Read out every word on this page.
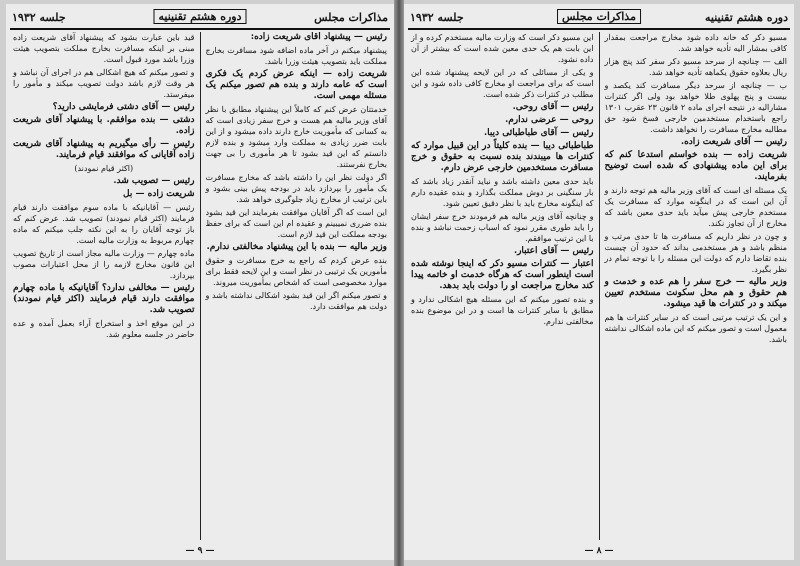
مذاکرات مجلس
دوره هشتم تقنینیه
جلسه ۱۹۳۲

رئیس — پیشنهاد آقای شریعت زاده:

پیشنهاد میکنم در آخر ماده اضافه شود مسافرت بخارج مملکت باید بتصویب هیئت وزرا باشد.

شریعت زاده — اینکه عرض کردم یک فکری است که عامه دارند و بنده هم تصور میکنم یک مسئله مهمی است.

خدمتتان عرض کنم که کاملاً این پیشنهاد مطابق با نظر آقای وزیر مالیه هم هست و خرج سفر زیادی است که به کسانی که مأموریت خارج دارند داده میشود و از این بابت ضرر زیادی به مملکت وارد میشود و بنده لازم دانستم که این قید بشود تا هر مأموری را بی جهت بخارج نفرستند.

اگر دولت نظر این را داشته باشد که مخارج مسافرت یک مأمور را بپردازد باید در بودجه پیش بینی بشود و باین ترتیب از مخارج زیاد جلوگیری خواهد شد.

این است که اگر آقایان موافقت بفرمایند این قید بشود بنده ضرری نمیبینم و عقیده ام این است که برای حفظ بودجه مملکت این قید لازم است.

وزیر مالیه — بنده با این پیشنهاد مخالفتی ندارم.

بنده عرض کردم که راجع به خرج مسافرت و حقوق مأمورین یک ترتیبی در نظر است و این لایحه فقط برای موارد مخصوصی است که اشخاص بمأموریت میروند.

و تصور میکنم اگر این قید بشود اشکالی نداشته باشد و دولت هم موافقت دارد.

قید باین عبارت بشود که پیشنهاد آقای شریعت زاده مبنی بر اینکه مسافرت بخارج مملکت بتصویب هیئت وزرا باشد مورد قبول است.

و تصور میکنم که هیچ اشکالی هم در اجرای آن نباشد و هر وقت لازم باشد دولت تصویب میکند و مأمور را میفرستد.

رئیس — آقای دشتی فرمایشی دارید؟

دشتی — بنده موافقم. با پیشنهاد آقای شریعت زاده.

رئیس — رأی میگیریم به پیشنهاد آقای شریعت زاده آقایانی که موافقند قیام فرمایند.

(اکثر قیام نمودند)

رئیس — تصویب شد.

شریعت زاده — بل

رئیس — آقایانیکه با ماده سوم موافقت دارند قیام فرمایند (اکثر قیام نمودند) تصویب شد. عرض کنم که باز توجه آقایان را به این نکته جلب میکنم که ماده چهارم مربوط به وزارت مالیه است.

ماده چهارم — وزارت مالیه مجاز است از تاریخ تصویب این قانون مخارج لازمه را از محل اعتبارات مصوب بپردازد.

رئیس — مخالفی ندارد؟ آقایانیکه با ماده چهارم موافقت دارند قیام فرمایند (اکثر قیام نمودند) تصویب شد.

در این موقع اخذ و استخراج آراء بعمل آمده و عده حاضر در جلسه معلوم شد.

— ۹ —
دوره هشتم تقنینیه
مذاکرات مجلس
جلسه ۱۹۳۲

مسیو دکر که خانه داده شود مخارج مراجعت بمقدار کافی بمشار الیه تأدیه خواهد شد.

الف — چنانچه از سرحد مسیو دکر سفر کند پنج هزار ریال بعلاوه حقوق یکماهه تأدیه خواهد شد.

ب — چنانچه از سرحد دیگر مسافرت کند یکصد و بیست و پنج پهلوی طلا خواهد بود ولی اگر کنترات مشارالیه در نتیجه اجرای ماده ۲ قانون ۲۳ عقرب ۱۳۰۱ راجع باستخدام مستخدمین خارجی فسخ شود حق مطالبه مخارج مسافرت را نخواهد داشت.

رئیس — آقای شریعت زاده.

شریعت زاده — بنده خواستم استدعا کنم که برای این ماده پیشنهادی که شده است توضیح بفرمایند.

یک مسئله ای است که آقای وزیر مالیه هم توجه دارند و آن این است که در اینگونه موارد که مسافرت یک مستخدم خارجی پیش میآید باید حدی معین باشد که مخارج از آن تجاوز نکند.

و چون در نظر داریم که مسافرت ها تا حدی مرتب و منظم باشد و هر مستخدمی بداند که حدود آن چیست بنده تقاضا دارم که دولت این مسئله را با توجه تمام در نظر بگیرد.

وزیر مالیه — خرج سفر را هم عده و خدمت و هم حقوق و هم محل سکونت مستخدم تعیین میکند و در کنترات ها قید میشود.

و این یک ترتیب مرتبی است که در سایر کنترات ها هم معمول است و تصور میکنم که این ماده اشکالی نداشته باشد.

این مسیو دکر است که وزارت مالیه مستخدم کرده و از این بابت هم یک حدی معین شده است که بیشتر از آن داده نشود.

و یکی از مسائلی که در این لایحه پیشنهاد شده این است که برای مراجعت او مخارج کافی داده شود و این مطلب در کنترات ذکر شده است.

رئیس — آقای روحی.

روحی — عرضی ندارم.

رئیس — آقای طباطبائی دیبا.

طباطبائی دیبا — بنده کلیتاً در این قبیل موارد که کنترات ها میبندند بنده نسبت به حقوق و خرج مسافرت مستخدمین خارجی عرض دارم.

باید حدی معین داشته باشد و نباید آنقدر زیاد باشد که بار سنگینی بر دوش مملکت بگذارد و بنده عقیده دارم که اینگونه مخارج باید با نظر دقیق تعیین شود.

و چنانچه آقای وزیر مالیه هم فرمودند خرج سفر ایشان را باید طوری مقرر نمود که اسباب زحمت نباشد و بنده با این ترتیب موافقم.

رئیس — آقای اعتبار.

اعتبار — کنترات مسیو دکر که اینجا نوشته شده است اینطور است که هرگاه خدمت او خاتمه پیدا کند مخارج مراجعت او را دولت باید بدهد.

و بنده تصور میکنم که این مسئله هیچ اشکالی ندارد و مطابق با سایر کنترات ها است و در این موضوع بنده مخالفتی ندارم.

— ۸ —
